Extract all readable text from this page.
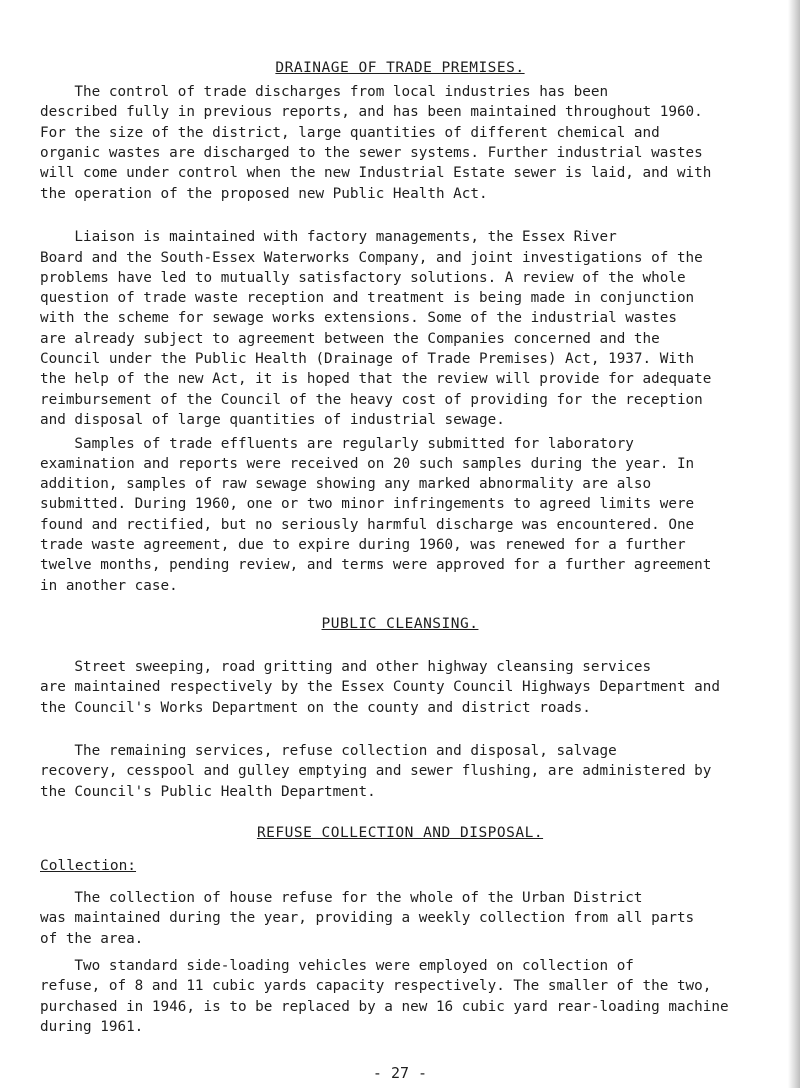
DRAINAGE OF TRADE PREMISES.

The control of trade discharges from local industries has been
described fully in previous reports, and has been maintained throughout 1960.
For the size of the district, large quantities of different chemical and
organic wastes are discharged to the sewer systems. Further industrial wastes
will come under control when the new Industrial Estate sewer is laid, and with
the operation of the proposed new Public Health Act.

Liaison is maintained with factory managements, the Essex River
Board and the South-Essex Waterworks Company, and joint investigations of the
problems have led to mutually satisfactory solutions. A review of the whole
question of trade waste reception and treatment is being made in conjunction
with the scheme for sewage works extensions. Some of the industrial wastes
are already subject to agreement between the Companies concerned and the
Council under the Public Health (Drainage of Trade Premises) Act, 1937. With
the help of the new Act, it is hoped that the review will provide for adequate
reimbursement of the Council of the heavy cost of providing for the reception
and disposal of large quantities of industrial sewage.

Samples of trade effluents are regularly submitted for laboratory
examination and reports were received on 20 such samples during the year. In
addition, samples of raw sewage showing any marked abnormality are also
submitted. During 1960, one or two minor infringements to agreed limits were
found and rectified, but no seriously harmful discharge was encountered. One
trade waste agreement, due to expire during 1960, was renewed for a further
twelve months, pending review, and terms were approved for a further agreement
in another case.

PUBLIC CLEANSING.

Street sweeping, road gritting and other highway cleansing services
are maintained respectively by the Essex County Council Highways Department and
the Council's Works Department on the county and district roads.

The remaining services, refuse collection and disposal, salvage
recovery, cesspool and gulley emptying and sewer flushing, are administered by
the Council's Public Health Department.

REFUSE COLLECTION AND DISPOSAL.
Collection:

The collection of house refuse for the whole of the Urban District
was maintained during the year, providing a weekly collection from all parts
of the area.

- 27 -

Two standard side-loading vehicles were employed on collection of
refuse, of 8 and 11 cubic yards capacity respectively. The smaller of the two,
purchased in 1946, is to be replaced by a new 16 cubic yard rear-loading machine
during 1961.
